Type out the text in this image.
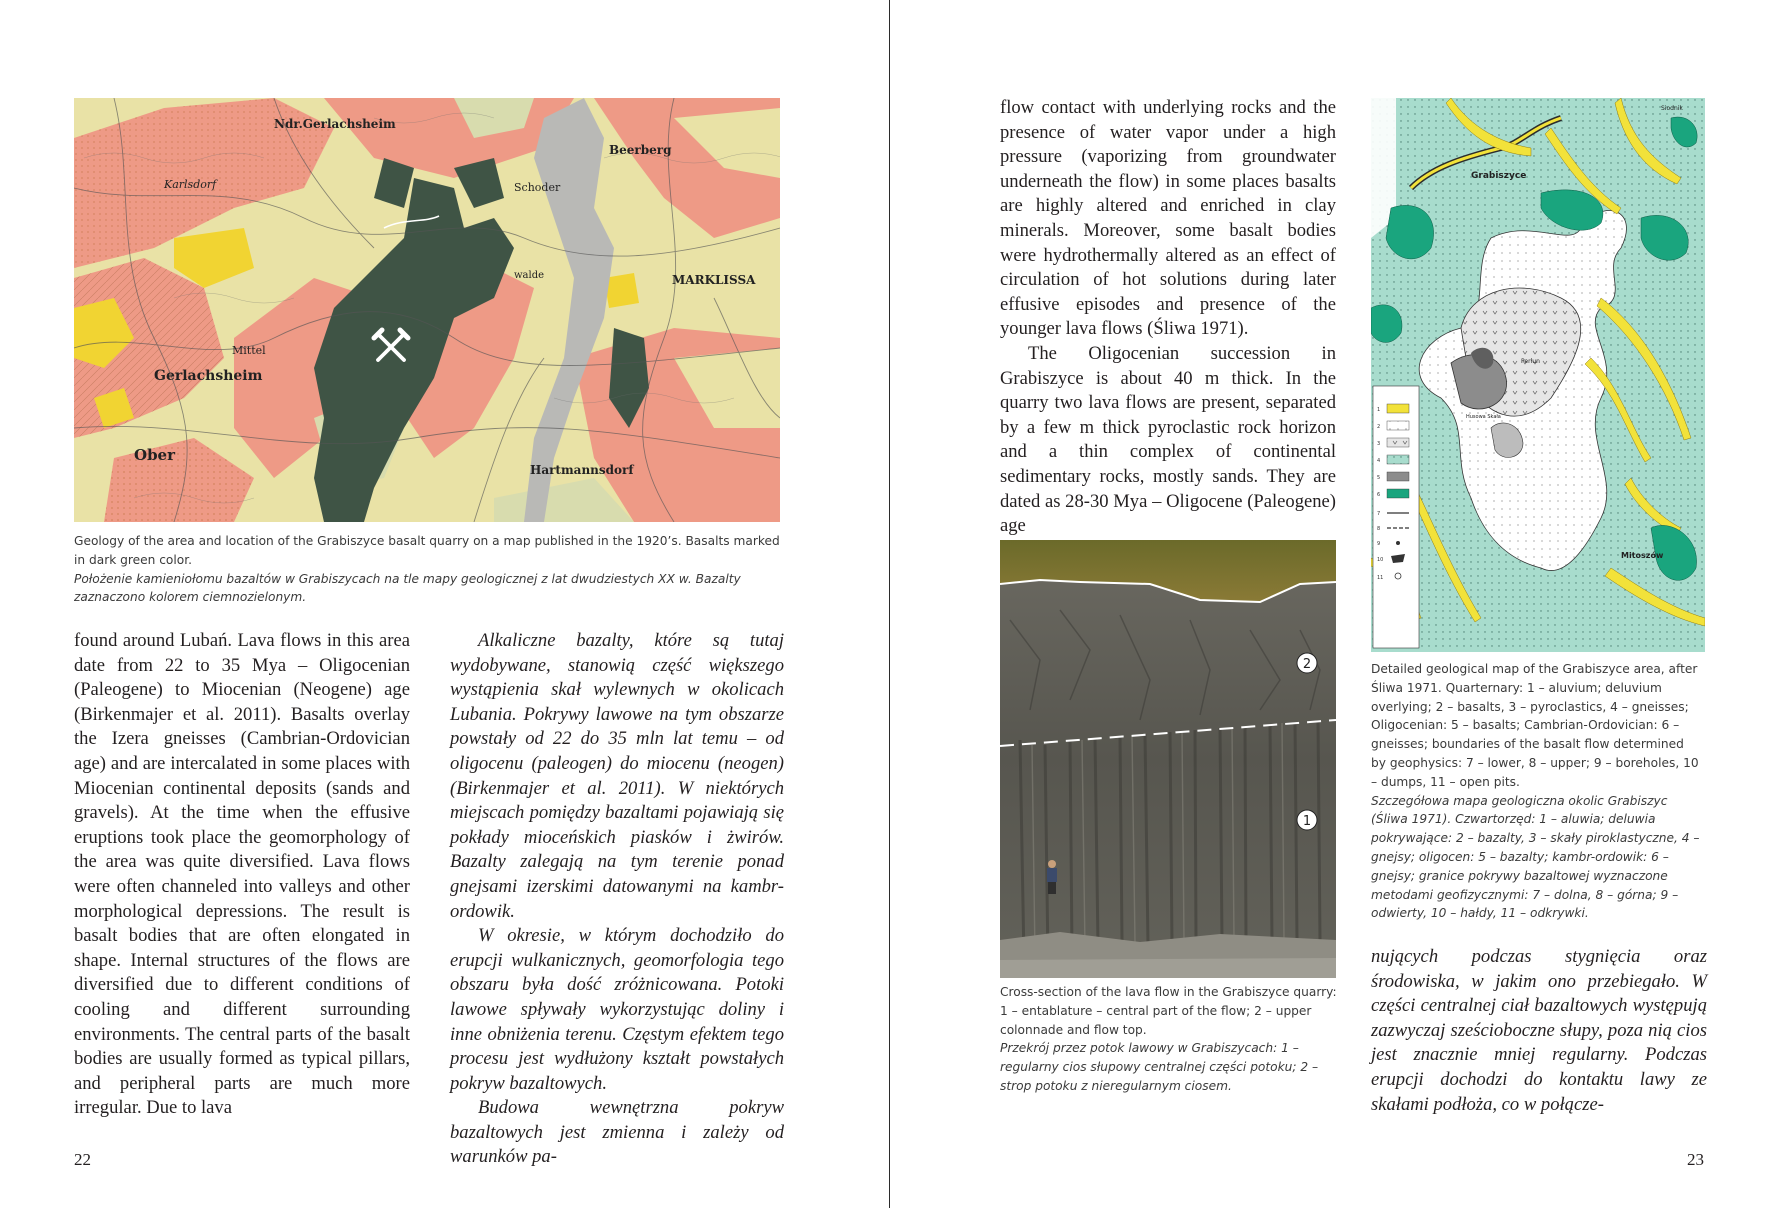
Ndr.Gerlachsheim
Karlsdorf
Gerlachsheim
Ober
Mittel
Schoder
Beerberg
MARKLISSA
Hartmannsdorf
walde

Geology of the area and location of the Grabiszyce basalt quarry on a map published in the 1920’s. Basalts marked in dark green color.

Położenie kamieniołomu bazaltów w Grabiszycach na tle mapy geologicznej z lat dwudziestych XX w. Bazalty zaznaczono kolorem ciemnozielonym.

found around Lubań. Lava flows in this area date from 22 to 35 Mya – Oligocenian (Paleogene) to Miocenian (Neogene) age (Birkenmajer et al. 2011). Basalts overlay the Izera gneisses (Cambrian-Ordovician age) and are intercalated in some places with Miocenian continental deposits (sands and gravels). At the time when the effusive eruptions took place the geomorphology of the area was quite diversified. Lava flows were often channeled into valleys and other morphological depressions. The result is basalt bodies that are often elongated in shape. Internal structures of the flows are diversified due to different conditions of cooling and different surrounding environments. The central parts of the basalt bodies are usually formed as typical pillars, and peripheral parts are much more irregular. Due to lava

Alkaliczne bazalty, które są tutaj wydobywane, stanowią część większego wystąpienia skał wylewnych w okolicach Lubania. Pokrywy lawowe na tym obszarze powstały od 22 do 35 mln lat temu – od oligocenu (paleogen) do miocenu (neogen) (Birkenmajer et al. 2011). W niektórych miejscach pomiędzy bazaltami pojawiają się pokłady mioceńskich piasków i żwirów. Bazalty zalegają na tym terenie ponad gnejsami izerskimi datowanymi na kambr-ordowik.

W okresie, w którym dochodziło do erupcji wulkanicznych, geomorfologia tego obszaru była dość zróżnicowana. Potoki lawowe spływały wykorzystując doliny i inne obniżenia terenu. Częstym efektem tego procesu jest wydłużony kształt powstałych pokryw bazaltowych.

Budowa wewnętrzna pokryw bazaltowych jest zmienna i zależy od warunków pa-

22

flow contact with underlying rocks and the presence of water vapor under a high pressure (vaporizing from groundwater underneath the flow) in some places basalts are highly altered and enriched in clay minerals. Moreover, some basalt bodies were hydrothermally altered as an effect of circulation of hot solutions during later effusive episodes and presence of the younger lava flows (Śliwa 1971).

The Oligocenian succession in Grabiszyce is about 40 m thick. In the quarry two lava flows are present, separated by a few m thick pyroclastic rock horizon and a thin complex of continental sedimentary rocks, mostly sands. They are dated as 28-30 Mya – Oligocene (Paleogene) age

2
1

Cross-section of the lava flow in the Grabiszyce quarry: 1 – entablature – central part of the flow; 2 – upper colonnade and flow top.

Przekrój przez potok lawowy w Grabiszycach: 1 – regularny cios słupowy centralnej części potoku; 2 – strop potoku z nieregularnym ciosem.

Grabiszyce
Perłun
Mitoszów
Siodnik
Husowa Skała
1
2
3
4
5
6
7
8
9
10
11

Detailed geological map of the Grabiszyce area, after Śliwa 1971. Quarternary: 1 – aluvium; deluvium overlying; 2 – basalts, 3 – pyroclastics, 4 – gneisses; Oligocenian: 5 – basalts; Cambrian-Ordovician: 6 – gneisses; boundaries of the basalt flow determined by geophysics: 7 – lower, 8 – upper; 9 – boreholes, 10 – dumps, 11 – open pits.

Szczegółowa mapa geologiczna okolic Grabiszyc (Śliwa 1971). Czwartorzęd: 1 – aluwia; deluwia pokrywające: 2 – bazalty, 3 – skały piroklastyczne, 4 – gnejsy; oligocen: 5 – bazalty; kambr-ordowik: 6 – gnejsy; granice pokrywy bazaltowej wyznaczone metodami geofizycznymi: 7 – dolna, 8 – górna; 9 – odwierty, 10 – hałdy, 11 – odkrywki.

nujących podczas stygnięcia oraz środowiska, w jakim ono przebiegało. W części centralnej ciał bazaltowych występują zazwyczaj sześcioboczne słupy, poza nią cios jest znacznie mniej regularny. Podczas erupcji dochodzi do kontaktu lawy ze skałami podłoża, co w połącze-

23
